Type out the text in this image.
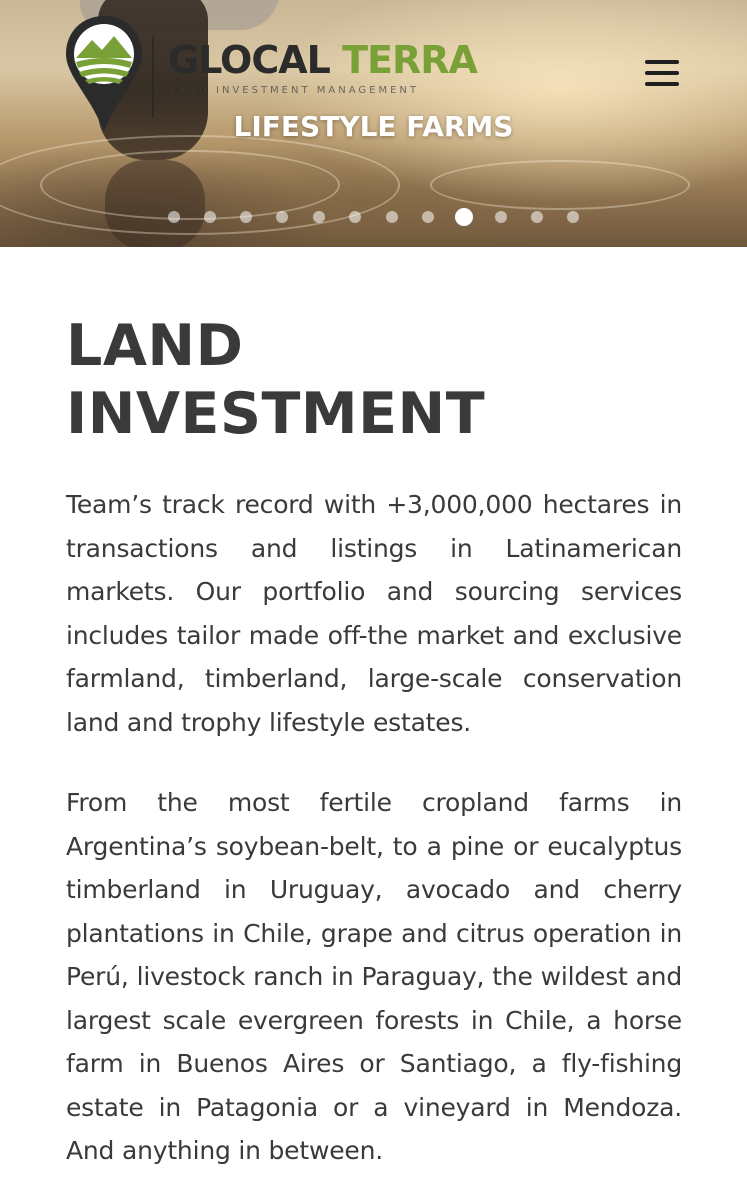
GLOCAL TERRA
LAND INVESTMENT MANAGEMENT
LIFESTYLE FARMS
LAND INVESTMENT

Team’s track record with +3,000,000 hectares in transactions and listings in Latinamerican markets. Our portfolio and sourcing services includes tailor made off-the market and exclusive farmland, timberland, large-scale conservation land and trophy lifestyle estates.

From the most fertile cropland farms in Argentina’s soybean-belt, to a pine or eucalyptus timberland in Uruguay, avocado and cherry plantations in Chile, grape and citrus operation in Perú, livestock ranch in Paraguay, the wildest and largest scale evergreen forests in Chile, a horse farm in Buenos Aires or Santiago, a fly-fishing estate in Patagonia or a vineyard in Mendoza. And anything in between.
